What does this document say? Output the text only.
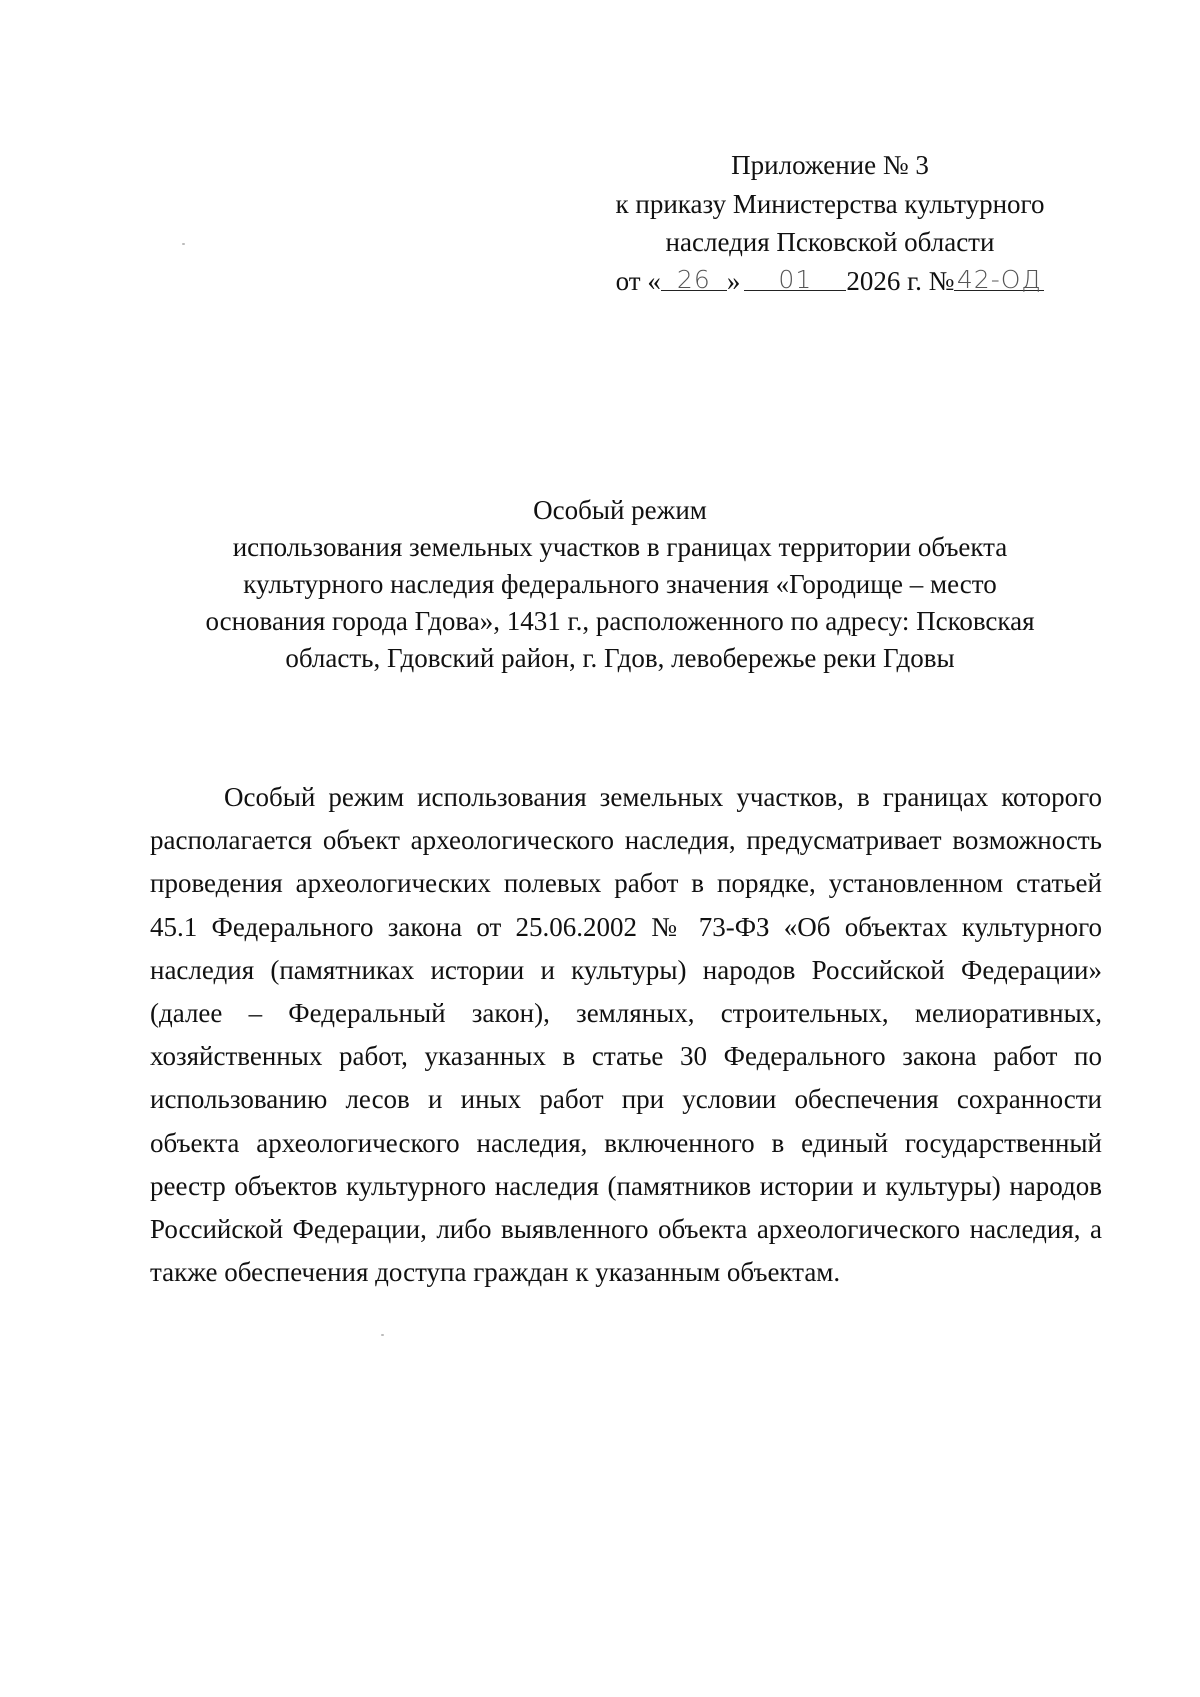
Приложение № 3
к приказу Министерства культурного
наследия Псковской области
от « 26 » 01 2026 г. № 42-ОД
Особый режим
использования земельных участков в границах территории объекта
культурного наследия федерального значения «Городище – место
основания города Гдова», 1431 г., расположенного по адресу: Псковская
область, Гдовский район, г. Гдов, левобережье реки Гдовы

Особый режим использования земельных участков, в границах которого располагается объект археологического наследия, предусматривает возможность проведения археологических полевых работ в порядке, установленном статьей 45.1 Федерального закона от 25.06.2002 № 73-ФЗ «Об объектах культурного наследия (памятниках истории и культуры) народов Российской Федерации» (далее – Федеральный закон), земляных, строительных, мелиоративных, хозяйственных работ, указанных в статье 30 Федерального закона работ по использованию лесов и иных работ при условии обеспечения сохранности объекта археологического наследия, включенного в единый государственный реестр объектов культурного наследия (памятников истории и культуры) народов Российской Федерации, либо выявленного объекта археологического наследия, а также обеспечения доступа граждан к указанным объектам.
